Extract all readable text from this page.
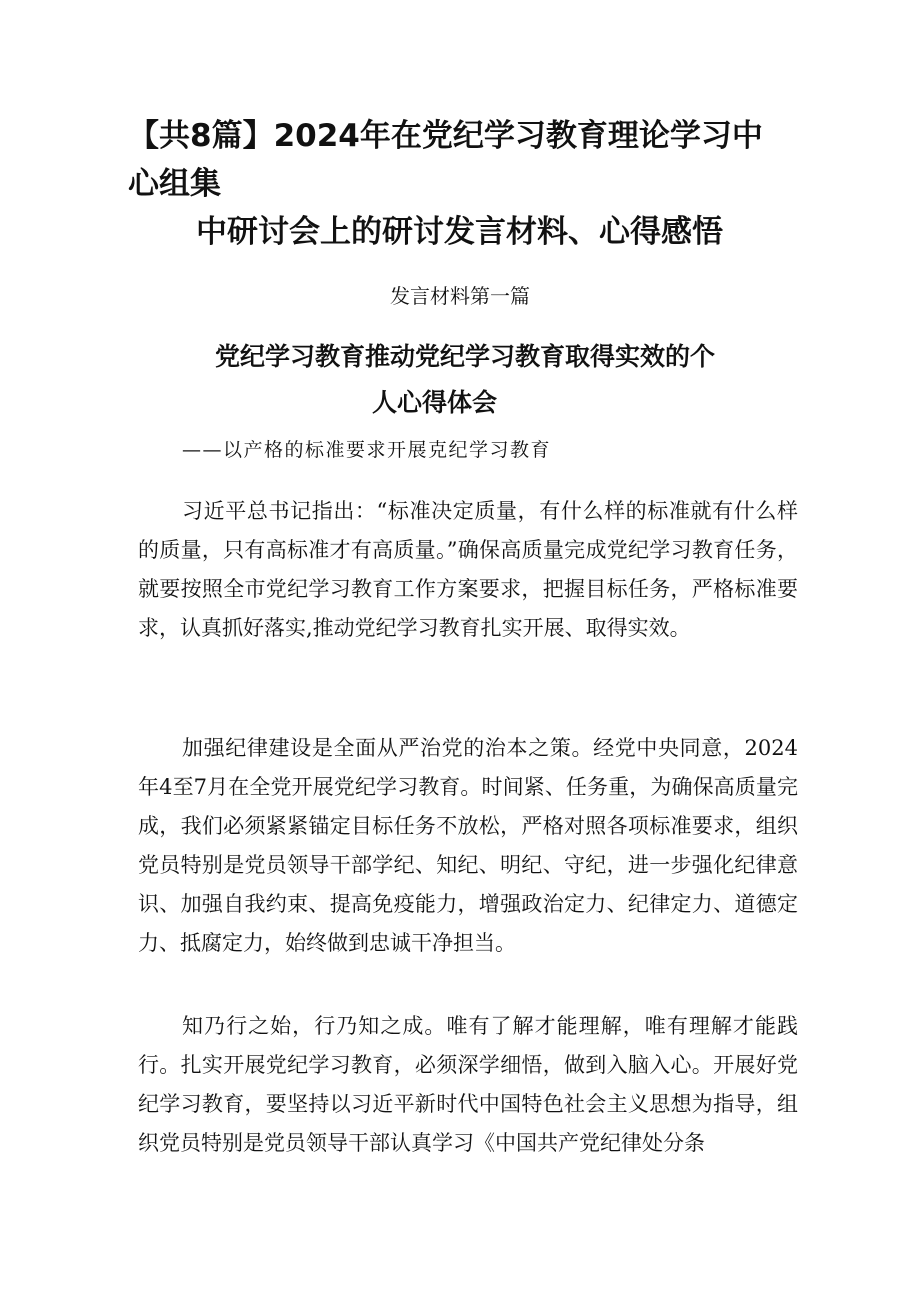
【共8篇】2024年在党纪学习教育理论学习中心组集
中研讨会上的研讨发言材料、心得感悟

发言材料第一篇

党纪学习教育推动党纪学习教育取得实效的个
人心得体会

——以产格的标准要求开展克纪学习教育

习近平总书记指出：“标准决定质量，有什么样的标准就有什么样的质量，只有高标准才有高质量。”确保高质量完成党纪学习教育任务，就要按照全市党纪学习教育工作方案要求，把握目标任务，严格标准要求，认真抓好落实,推动党纪学习教育扎实开展、取得实效。

加强纪律建设是全面从严治党的治本之策。经党中央同意，2024年4至7月在全党开展党纪学习教育。时间紧、任务重，为确保高质量完成，我们必须紧紧锚定目标任务不放松，严格对照各项标准要求，组织党员特别是党员领导干部学纪、知纪、明纪、守纪，进一步强化纪律意识、加强自我约束、提高免疫能力，增强政治定力、纪律定力、道德定力、抵腐定力，始终做到忠诚干净担当。

知乃行之始，行乃知之成。唯有了解才能理解，唯有理解才能践行。扎实开展党纪学习教育，必须深学细悟，做到入脑入心。开展好党纪学习教育，要坚持以习近平新时代中国特色社会主义思想为指导，组织党员特别是党员领导干部认真学习《中国共产党纪律处分条
